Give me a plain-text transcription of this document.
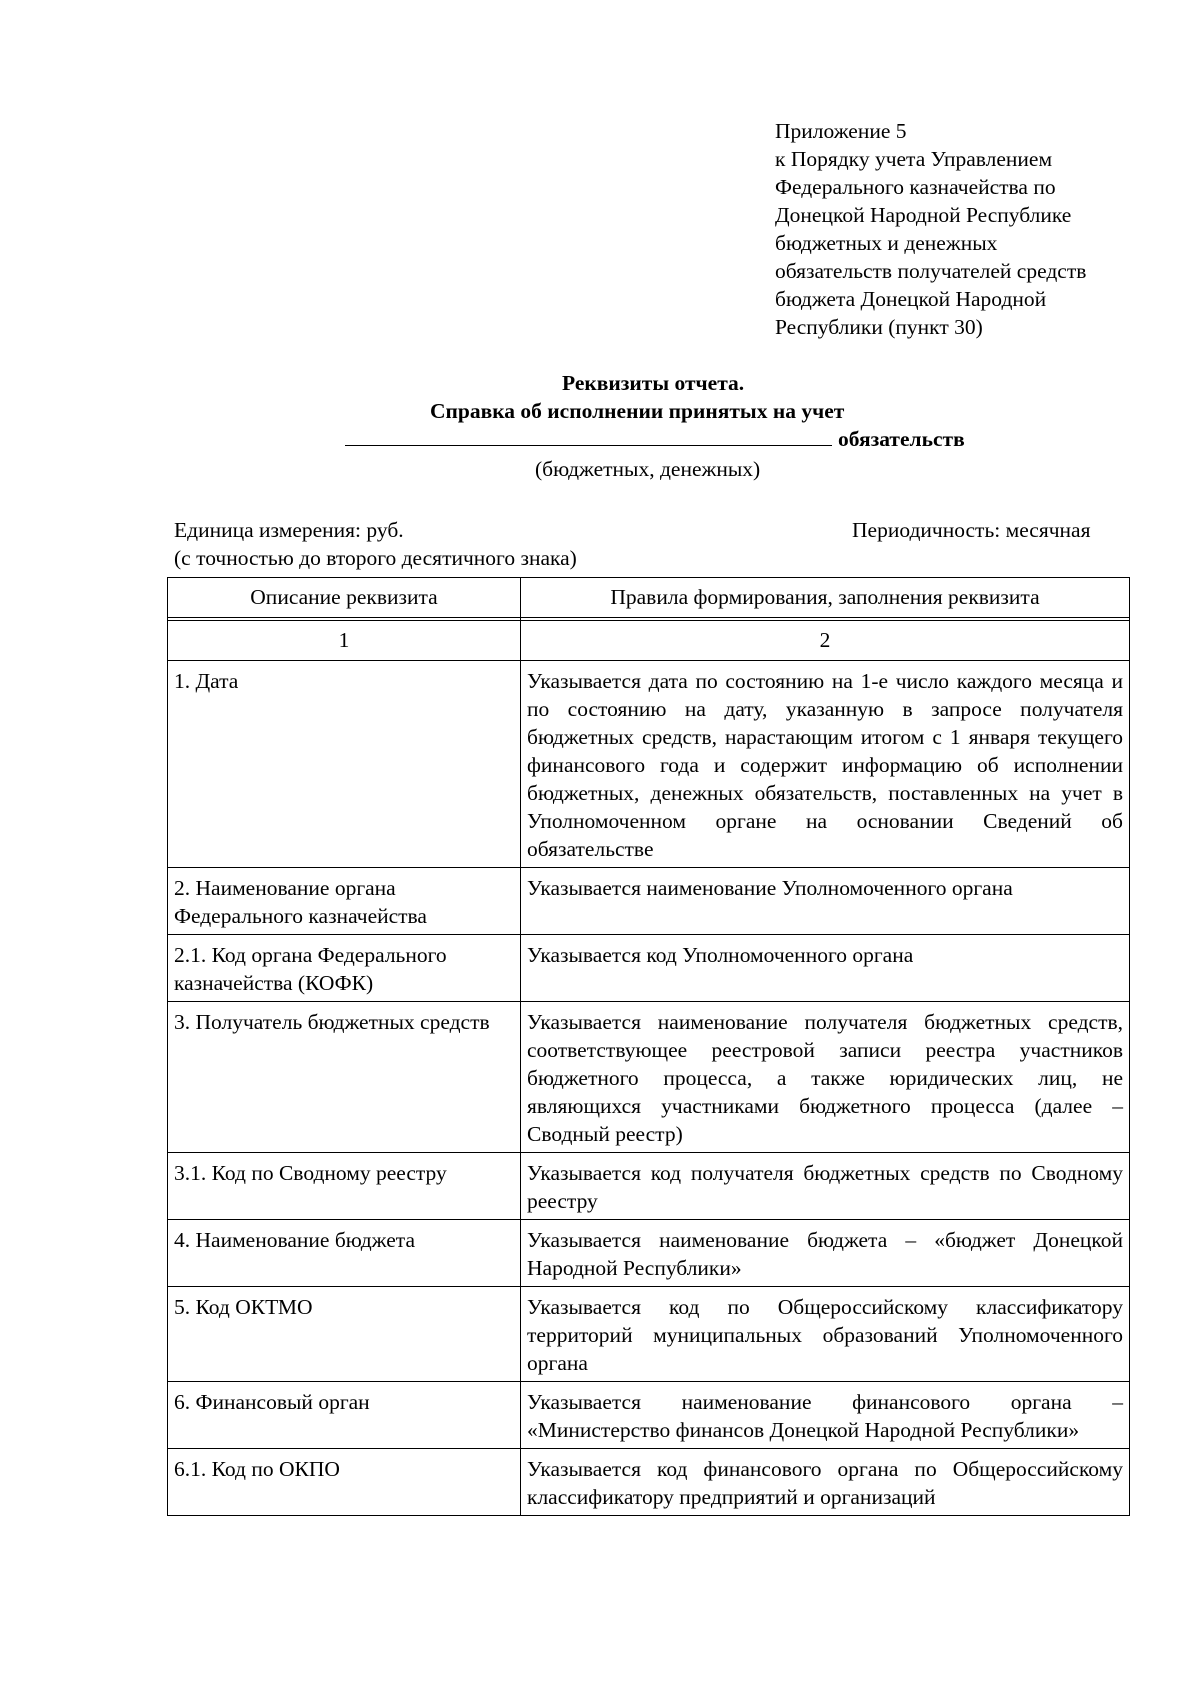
Приложение 5
к Порядку учета Управлением
Федерального казначейства по
Донецкой Народной Республике
бюджетных и денежных
обязательств получателей средств
бюджета Донецкой Народной
Республики (пункт 30)
Реквизиты отчета.
Справка об исполнении принятых на учет
обязательств
(бюджетных, денежных)
Единица измерения: руб.
(с точностью до второго десятичного знака)
Периодичность: месячная
Описание реквизита	Правила формирования, заполнения реквизита

1	2
1. Дата	Указывается дата по состоянию на 1-е число каждого месяца и по состоянию на дату, указанную в запросе получателя бюджетных средств, нарастающим итогом с 1 января текущего финансового года и содержит информацию об исполнении бюджетных, денежных обязательств, поставленных на учет в Уполномоченном органе на основании Сведений об обязательстве
2. Наименование органа Федерального казначейства	Указывается наименование Уполномоченного органа
2.1. Код органа Федерального казначейства (КОФК)	Указывается код Уполномоченного органа
3. Получатель бюджетных средств	Указывается наименование получателя бюджетных средств, соответствующее реестровой записи реестра участников бюджетного процесса, а также юридических лиц, не являющихся участниками бюджетного процесса (далее – Сводный реестр)
3.1. Код по Сводному реестру	Указывается код получателя бюджетных средств по Сводному реестру
4. Наименование бюджета	Указывается наименование бюджета – «бюджет Донецкой Народной Республики»
5. Код ОКТМО	Указывается код по Общероссийскому классификатору территорий муниципальных образований Уполномоченного органа
6. Финансовый орган	Указывается наименование финансового органа – «Министерство финансов Донецкой Народной Республики»
6.1. Код по ОКПО	Указывается код финансового органа по Общероссийскому классификатору предприятий и организаций
